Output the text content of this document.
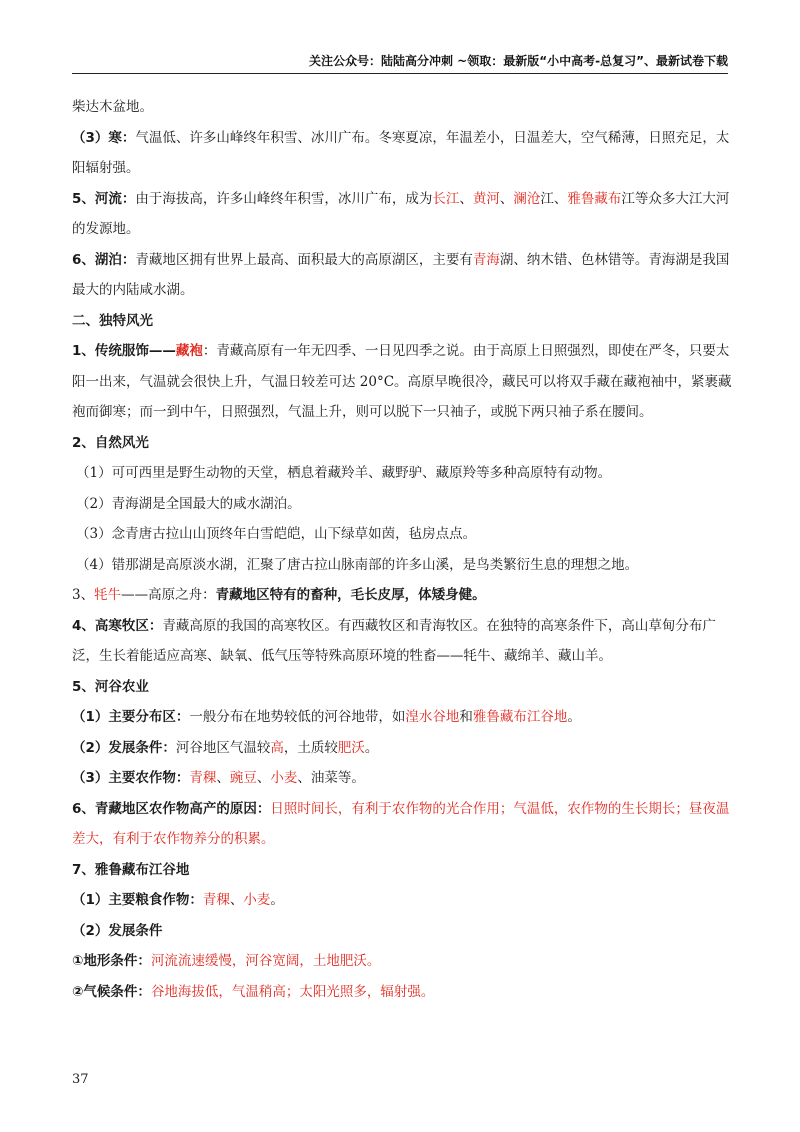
关注公众号：陆陆高分冲刺 ~领取：最新版“小中高考-总复习”、最新试卷下载

柴达木盆地。

（3）寒：气温低、许多山峰终年积雪、冰川广布。冬寒夏凉，年温差小，日温差大，空气稀薄，日照充足，太阳辐射强。

5、河流：由于海拔高，许多山峰终年积雪，冰川广布，成为长江、黄河、澜沧江、雅鲁藏布江等众多大江大河的发源地。

6、湖泊：青藏地区拥有世界上最高、面积最大的高原湖区，主要有青海湖、纳木错、色林错等。青海湖是我国最大的内陆咸水湖。

二、独特风光

1、传统服饰——藏袍：青藏高原有一年无四季、一日见四季之说。由于高原上日照强烈，即使在严冬，只要太阳一出来，气温就会很快上升，气温日较差可达 20°C。高原早晚很冷，藏民可以将双手藏在藏袍袖中，紧裹藏袍而御寒；而一到中午，日照强烈，气温上升，则可以脱下一只袖子，或脱下两只袖子系在腰间。

2、自然风光

（1）可可西里是野生动物的天堂，栖息着藏羚羊、藏野驴、藏原羚等多种高原特有动物。

（2）青海湖是全国最大的咸水湖泊。

（3）念青唐古拉山山顶终年白雪皑皑，山下绿草如茵，毡房点点。

（4）错那湖是高原淡水湖，汇聚了唐古拉山脉南部的许多山溪，是鸟类繁衍生息的理想之地。

3、牦牛——高原之舟：青藏地区特有的畜种，毛长皮厚，体矮身健。

4、高寒牧区：青藏高原的我国的高寒牧区。有西藏牧区和青海牧区。在独特的高寒条件下，高山草甸分布广泛，生长着能适应高寒、缺氧、低气压等特殊高原环境的牲畜——牦牛、藏绵羊、藏山羊。

5、河谷农业

（1）主要分布区：一般分布在地势较低的河谷地带，如湟水谷地和雅鲁藏布江谷地。

（2）发展条件：河谷地区气温较高，土质较肥沃。

（3）主要农作物：青稞、豌豆、小麦、油菜等。

6、青藏地区农作物高产的原因：日照时间长，有利于农作物的光合作用；气温低，农作物的生长期长；昼夜温差大，有利于农作物养分的积累。

7、雅鲁藏布江谷地

（1）主要粮食作物：青稞、小麦。

（2）发展条件

①地形条件：河流流速缓慢，河谷宽阔，土地肥沃。

②气候条件：谷地海拔低，气温稍高；太阳光照多，辐射强。

37
